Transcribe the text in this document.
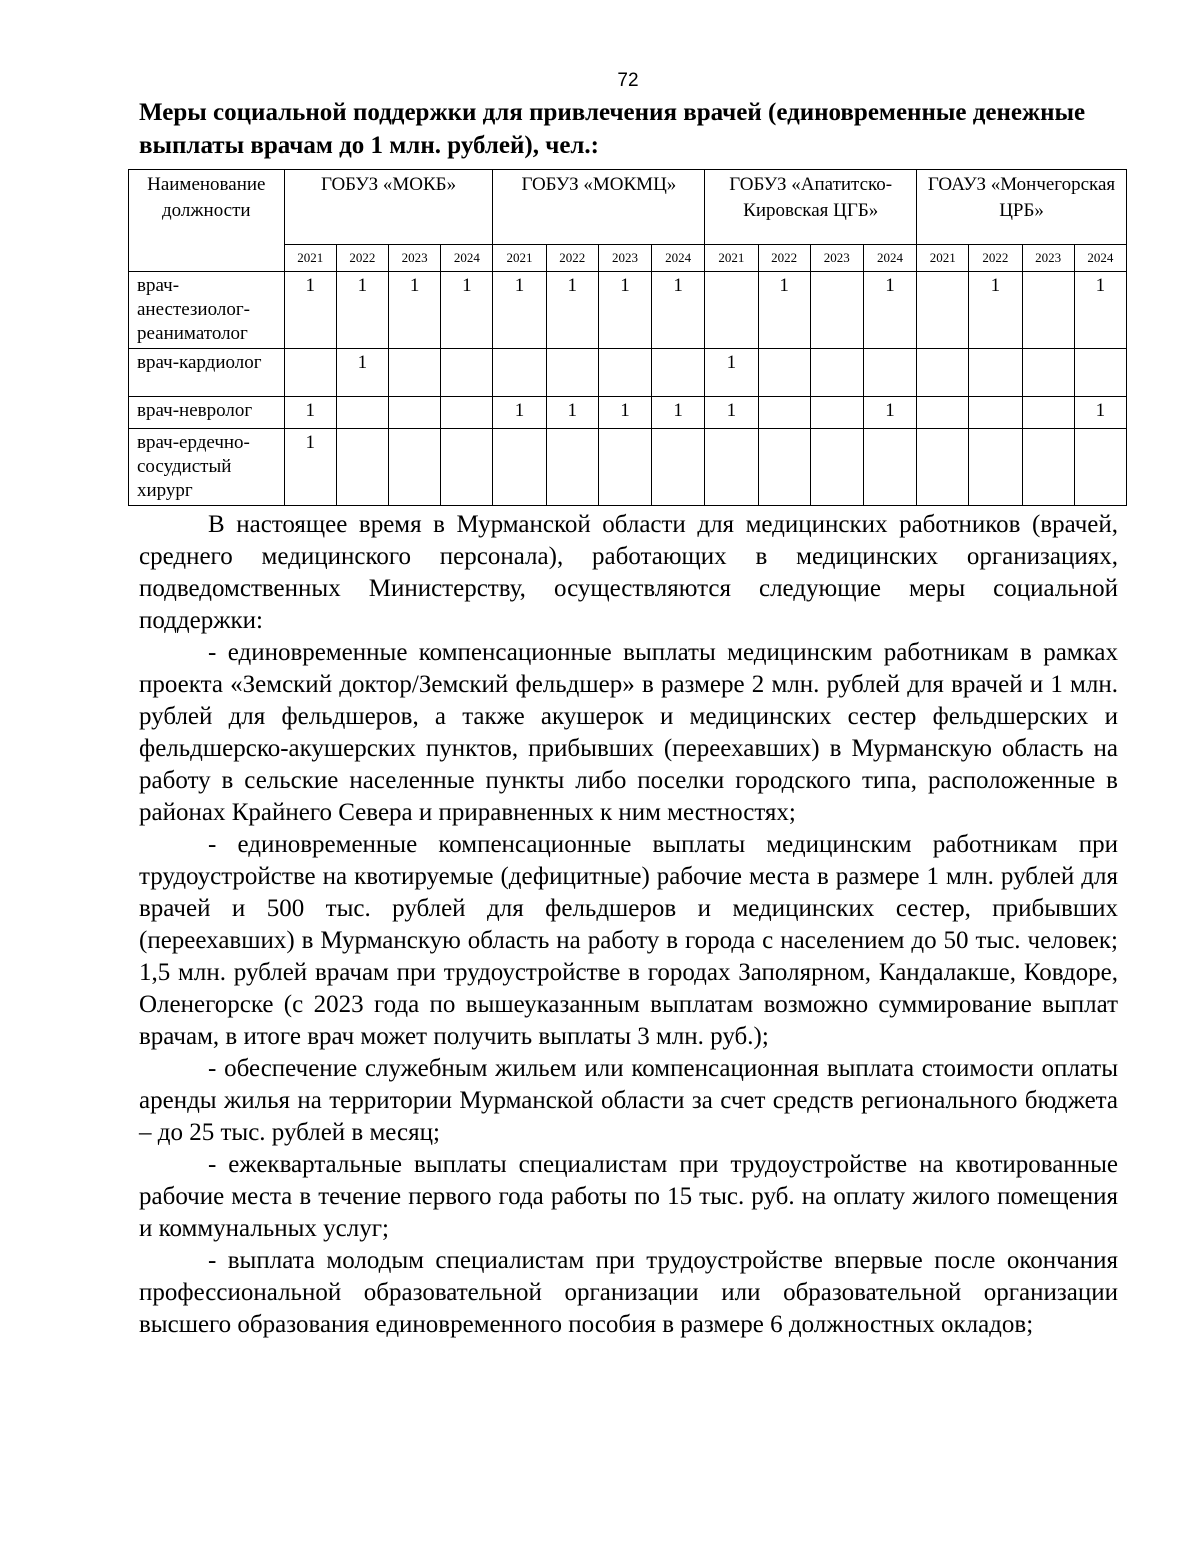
72
Меры социальной поддержки для привлечения врачей (единовременные денежные выплаты врачам до 1 млн. рублей), чел.:
Наименование должности	ГОБУЗ «МОКБ»				ГОБУЗ «МОКМЦ»				ГОБУЗ «Апатитско-Кировская ЦГБ»				ГОАУЗ «Мончегорская ЦРБ»			
	2021	2022	2023	2024	2021	2022	2023	2024	2021	2022	2023	2024	2021	2022	2023	2024
врач-анестезиолог-реаниматолог	1	1	1	1	1	1	1	1		1		1		1		1
врач-кардиолог		1							1							
врач-невролог	1				1	1	1	1	1			1				1
врач-ердечно-сосудистый хирург	1															

В настоящее время в Мурманской области для медицинских работников (врачей, среднего медицинского персонала), работающих в медицинских организациях, подведомственных Министерству, осуществляются следующие меры социальной поддержки:

- единовременные компенсационные выплаты медицинским работникам в рамках проекта «Земский доктор/Земский фельдшер» в размере 2 млн. рублей для врачей и 1 млн. рублей для фельдшеров, а также акушерок и медицинских сестер фельдшерских и фельдшерско-акушерских пунктов, прибывших (переехавших) в Мурманскую область на работу в сельские населенные пункты либо поселки городского типа, расположенные в районах Крайнего Севера и приравненных к ним местностях;

- единовременные компенсационные выплаты медицинским работникам при трудоустройстве на квотируемые (дефицитные) рабочие места в размере 1 млн. рублей для врачей и 500 тыс. рублей для фельдшеров и медицинских сестер, прибывших (переехавших) в Мурманскую область на работу в города с населением до 50 тыс. человек; 1,5 млн. рублей врачам при трудоустройстве в городах Заполярном, Кандалакше, Ковдоре, Оленегорске (с 2023 года по вышеуказанным выплатам возможно суммирование выплат врачам, в итоге врач может получить выплаты 3 млн. руб.);

- обеспечение служебным жильем или компенсационная выплата стоимости оплаты аренды жилья на территории Мурманской области за счет средств регионального бюджета – до 25 тыс. рублей в месяц;

- ежеквартальные выплаты специалистам при трудоустройстве на квотированные рабочие места в течение первого года работы по 15 тыс. руб. на оплату жилого помещения и коммунальных услуг;

- выплата молодым специалистам при трудоустройстве впервые после окончания профессиональной образовательной организации или образовательной организации высшего образования единовременного пособия в размере 6 должностных окладов;
